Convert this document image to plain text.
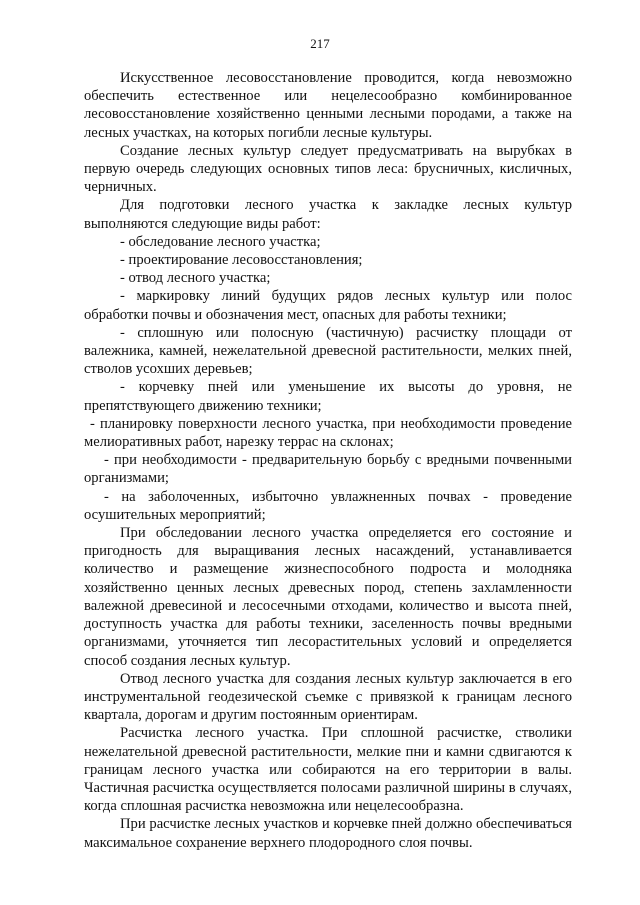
217

Искусственное лесовосстановление проводится, когда невозможно обеспечить естественное или нецелесообразно комбинированное лесовосстановление хозяйственно ценными лесными породами, а также на лесных участках, на которых погибли лесные культуры.

Создание лесных культур следует предусматривать на вырубках в первую очередь следующих основных типов леса: брусничных, кисличных, черничных.

Для подготовки лесного участка к закладке лесных культур выполняются следующие виды работ:

- обследование лесного участка;

- проектирование лесовосстановления;

- отвод лесного участка;

- маркировку линий будущих рядов лесных культур или полос обработки почвы и обозначения мест, опасных для работы техники;

- сплошную или полосную (частичную) расчистку площади от валежника, камней, нежелательной древесной растительности, мелких пней, стволов усохших деревьев;

- корчевку пней или уменьшение их высоты до уровня, не препятствующего движению техники;

- планировку поверхности лесного участка, при необходимости проведение мелиоративных работ, нарезку террас на склонах;

- при необходимости - предварительную борьбу с вредными почвенными организмами;

- на заболоченных, избыточно увлажненных почвах - проведение осушительных мероприятий;

При обследовании лесного участка определяется его состояние и пригодность для выращивания лесных насаждений, устанавливается количество и размещение жизнеспособного подроста и молодняка хозяйственно ценных лесных древесных пород, степень захламленности валежной древесиной и лесосечными отходами, количество и высота пней, доступность участка для работы техники, заселенность почвы вредными организмами, уточняется тип лесорастительных условий и определяется способ создания лесных культур.

Отвод лесного участка для создания лесных культур заключается в его инструментальной геодезической съемке с привязкой к границам лесного квартала, дорогам и другим постоянным ориентирам.

Расчистка лесного участка. При сплошной расчистке, стволики нежелательной древесной растительности, мелкие пни и камни сдвигаются к границам лесного участка или собираются на его территории в валы. Частичная расчистка осуществляется полосами различной ширины в случаях, когда сплошная расчистка невозможна или нецелесообразна.

При расчистке лесных участков и корчевке пней должно обеспечиваться максимальное сохранение верхнего плодородного слоя почвы.
